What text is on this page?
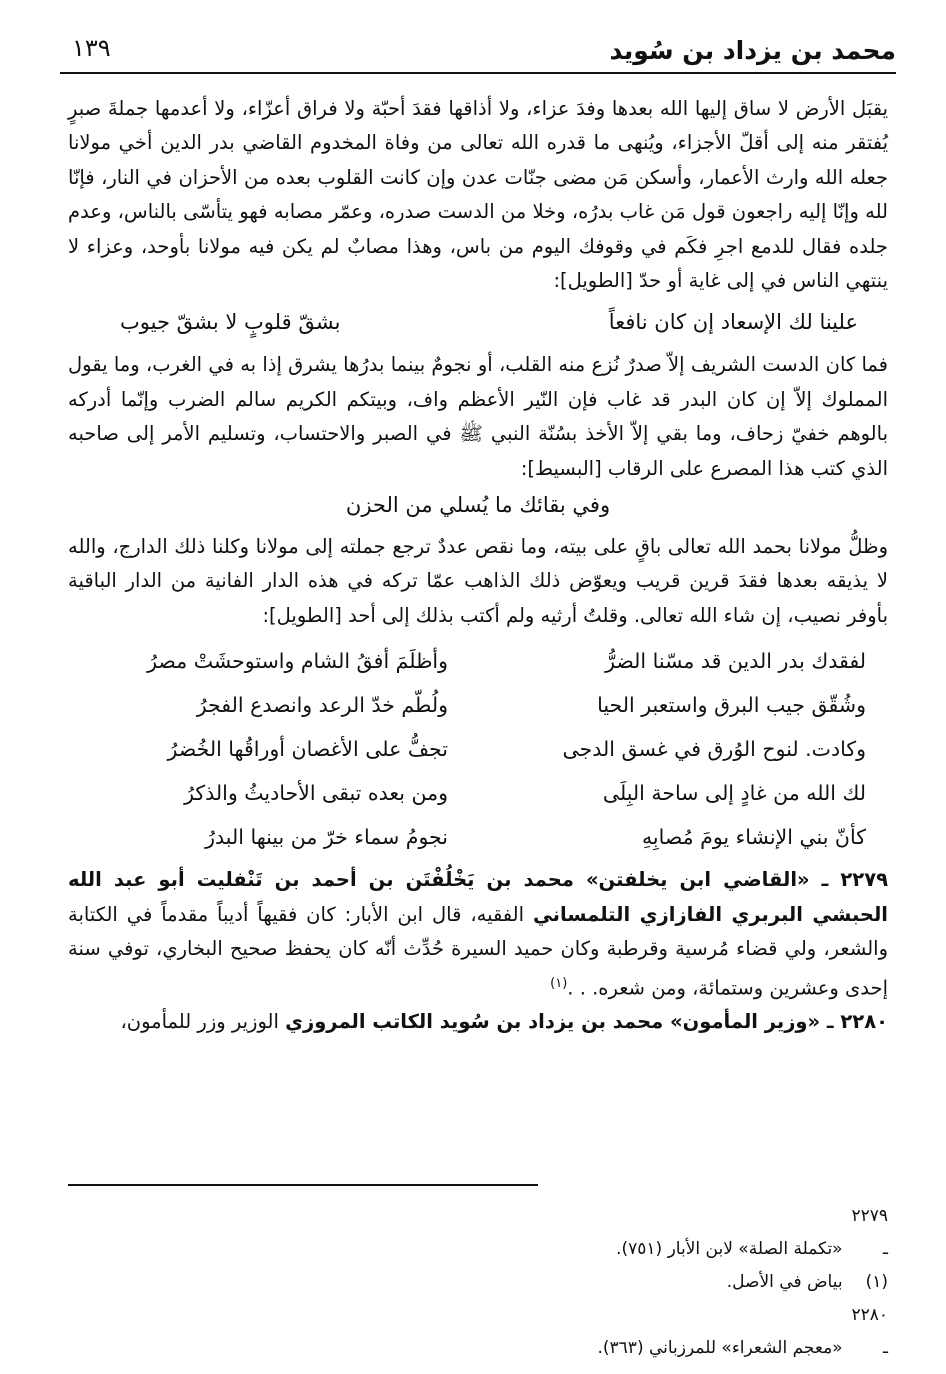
محمد بن يزداد بن سُويد
١٣٩

يقبَل الأرض لا ساق إليها الله بعدها وفدَ عزاء، ولا أذاقها فقدَ أحبّة ولا فراق أعزّاء، ولا أعدمها جملةَ صبرٍ يُفتقر منه إلى أقلّ الأجزاء، ويُنهى ما قدره الله تعالى من وفاة المخدوم القاضي بدر الدين أخي مولانا جعله الله وارث الأعمار، وأسكن مَن مضى جنّات عدن وإن كانت القلوب بعده من الأحزان في النار، فإنّا لله وإنّا إليه راجعون قول مَن غاب بدرُه، وخلا من الدست صدره، وعمّر مصابه فهو يتأسّى بالناس، وعدم جلده فقال للدمع اجرِ فكَم في وقوفك اليوم من باس، وهذا مصابٌ لم يكن فيه مولانا بأوحد، وعزاء لا ينتهي الناس في إلى غاية أو حدّ [الطويل]:

علينا لك الإسعاد إن كان نافعاً
بشقّ قلوبٍ لا بشقّ جيوب

فما كان الدست الشريف إلاّ صدرٌ نُزع منه القلب، أو نجومٌ بينما بدرُها يشرق إذا به في الغرب، وما يقول المملوك إلاّ إن كان البدر قد غاب فإن النّير الأعظم واف، وبيتكم الكريم سالم الضرب وإنّما أدركه بالوهم خفيّ زحاف، وما بقي إلاّ الأخذ بسُنّة النبي ﷺ في الصبر والاحتساب، وتسليم الأمر إلى صاحبه الذي كتب هذا المصرع على الرقاب [البسيط]:

وفي بقائك ما يُسلي من الحزن

وظلُّ مولانا بحمد الله تعالى باقٍ على بيته، وما نقص عددٌ ترجع جملته إلى مولانا وكلنا ذلك الدارج، والله لا يذيقه بعدها فقدَ قرين قريب ويعوّض ذلك الذاهب عمّا تركه في هذه الدار الفانية من الدار الباقية بأوفر نصيب، إن شاء الله تعالى. وقلتُ أرثيه ولم أكتب بذلك إلى أحد [الطويل]:

لفقدك بدر الدين قد مسّنا الضرُّ
وأظلَمَ أفقُ الشام واستوحشَتْ مصرُ
وشُقّق جيب البرق واستعبر الحيا
ولُطّم خدّ الرعد وانصدع الفجرُ
وكادت. لنوح الوُرق في غسق الدجى
تجفُّ على الأغصان أوراقُها الخُضرُ
لك الله من غادٍ إلى ساحة البِلَى
ومن بعده تبقى الأحاديثُ والذكرُ
كأنّ بني الإنشاء يومَ مُصابِهِ
نجومُ سماء خرّ من بينها البدرُ

٢٢٧٩ ـ «القاضي ابن يخلفتن» محمد بن يَخْلُفْتَن بن أحمد بن تَنْفليت أبو عبد الله الحبشي البربري الفازازي التلمساني الفقيه، قال ابن الأبار: كان فقيهاً أديباً مقدماً في الكتابة والشعر، ولي قضاء مُرسية وقرطبة وكان حميد السيرة حُدِّث أنّه كان يحفظ صحيح البخاري، توفي سنة إحدى وعشرين وستمائة، ومن شعره. . .$^{(١)}$

٢٢٨٠ ـ «وزير المأمون» محمد بن يزداد بن سُويد الكاتب المروزي الوزير وزر للمأمون،

٢٢٧٩ ـ «تكملة الصلة» لابن الأبار (٧٥١).
(١) بياض في الأصل.
٢٢٨٠ ـ «معجم الشعراء» للمرزباني (٣٦٣).
